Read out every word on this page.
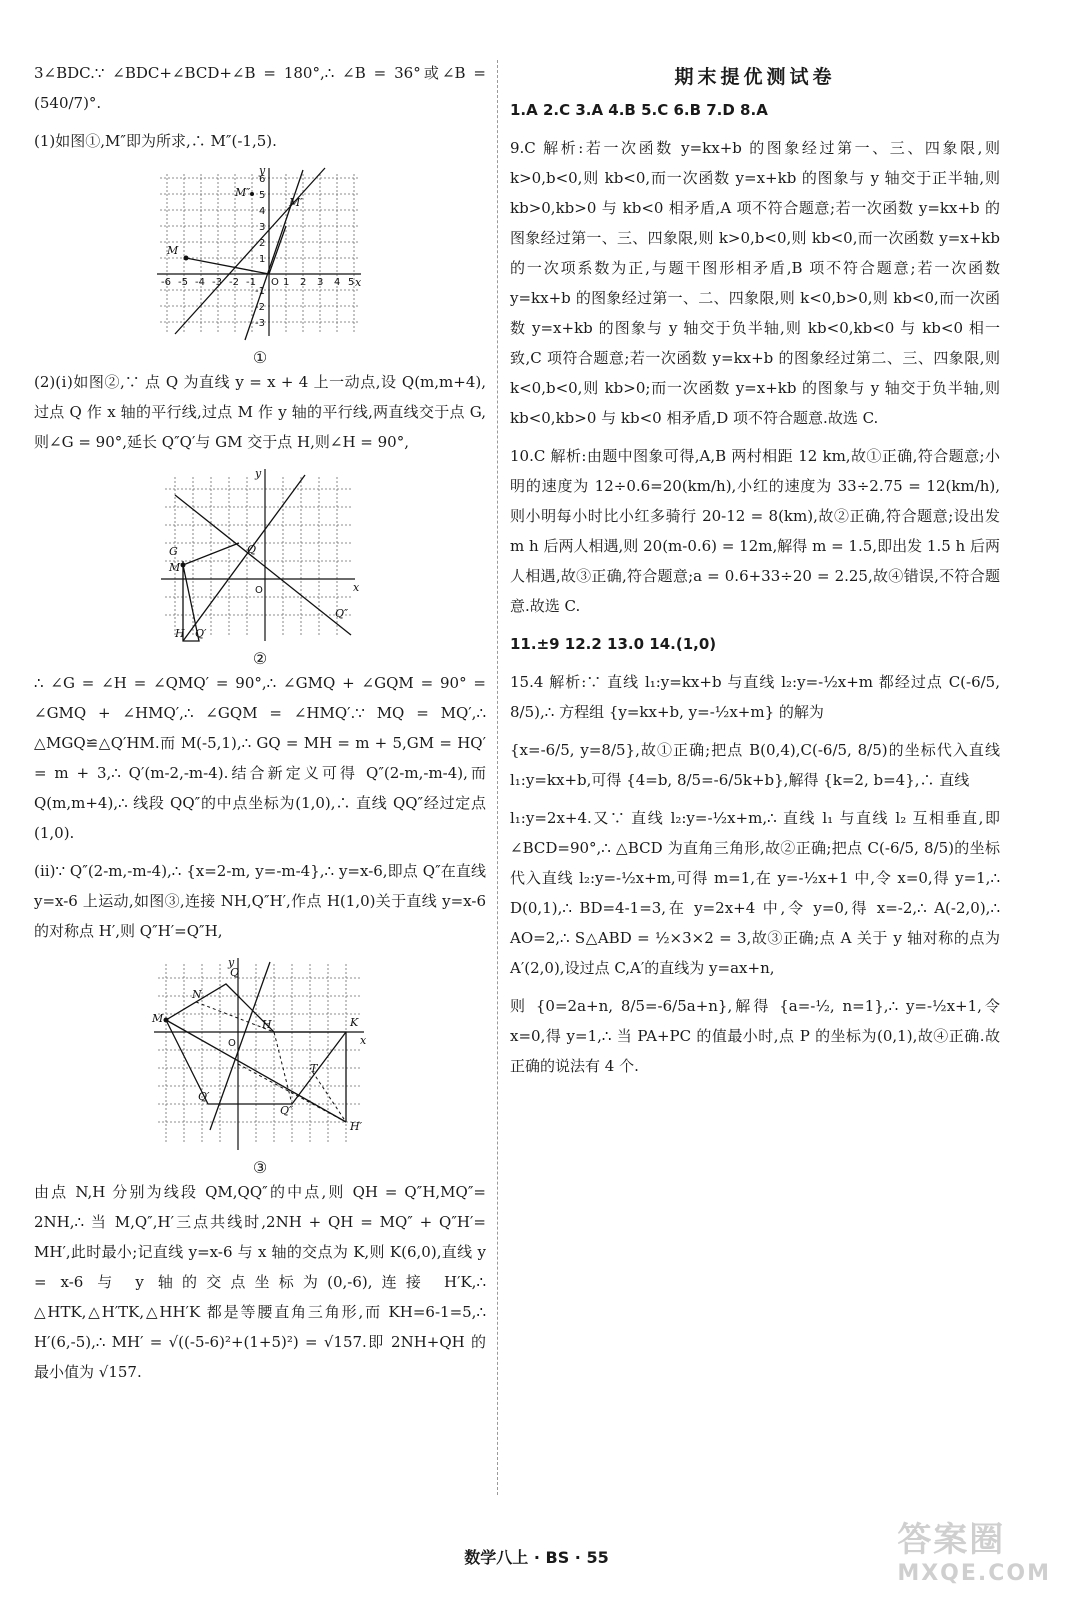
3∠BDC.∵ ∠BDC+∠BCD+∠B = 180°,∴ ∠B = 36°或∠B = (540/7)°.

(1)如图①,M″即为所求,∴ M″(-1,5).

M
M″
M′
x
y
O
-6 -5 -4 -3 -2 -1	1 2 3 4 5
6
5
4
3
2
1
-1
-2
-3
①

(2)(ⅰ)如图②,∵ 点 Q 为直线 y = x + 4 上一动点,设 Q(m,m+4),过点 Q 作 x 轴的平行线,过点 M 作 y 轴的平行线,两直线交于点 G,则∠G = 90°,延长 Q″Q′与 GM 交于点 H,则∠H = 90°,

G
M
Q
Q″
H Q′
x
y
O
②

∴ ∠G = ∠H = ∠QMQ′ = 90°,∴ ∠GMQ + ∠GQM = 90° = ∠GMQ + ∠HMQ′,∴ ∠GQM = ∠HMQ′.∵ MQ = MQ′,∴ △MGQ≌△Q′HM.而 M(-5,1),∴ GQ = MH = m + 5,GM = HQ′ = m + 3,∴ Q′(m-2,-m-4).结合新定义可得 Q″(2-m,-m-4),而 Q(m,m+4),∴ 线段 QQ″的中点坐标为(1,0),∴ 直线 QQ″经过定点(1,0).

(ⅱ)∵ Q″(2-m,-m-4),∴ {x=2-m, y=-m-4},∴ y=x-6,即点 Q″在直线 y=x-6 上运动,如图③,连接 NH,Q″H′,作点 H(1,0)关于直线 y=x-6 的对称点 H′,则 Q″H′=Q″H,

Q
N
M	H	K
T
Q′
Q″
H′
x
y
O
③

由点 N,H 分别为线段 QM,QQ″的中点,则 QH = Q″H,MQ″= 2NH,∴ 当 M,Q″,H′三点共线时,2NH + QH = MQ″ + Q″H′= MH′,此时最小;记直线 y=x-6 与 x 轴的交点为 K,则 K(6,0),直线 y = x-6 与 y 轴的交点坐标为(0,-6),连接 H′K,∴ △HTK,△H′TK,△HH′K 都是等腰直角三角形,而 KH=6-1=5,∴ H′(6,-5),∴ MH′ = √((-5-6)²+(1+5)²) = √157.即 2NH+QH 的最小值为 √157.

期末提优测试卷

1.A 2.C 3.A 4.B 5.C 6.B 7.D 8.A

9.C 解析:若一次函数 y=kx+b 的图象经过第一、三、四象限,则 k>0,b<0,则 kb<0,而一次函数 y=x+kb 的图象与 y 轴交于正半轴,则 kb>0,kb>0 与 kb<0 相矛盾,A 项不符合题意;若一次函数 y=kx+b 的图象经过第一、三、四象限,则 k>0,b<0,则 kb<0,而一次函数 y=x+kb 的一次项系数为正,与题干图形相矛盾,B 项不符合题意;若一次函数 y=kx+b 的图象经过第一、二、四象限,则 k<0,b>0,则 kb<0,而一次函数 y=x+kb 的图象与 y 轴交于负半轴,则 kb<0,kb<0 与 kb<0 相一致,C 项符合题意;若一次函数 y=kx+b 的图象经过第二、三、四象限,则 k<0,b<0,则 kb>0;而一次函数 y=x+kb 的图象与 y 轴交于负半轴,则 kb<0,kb>0 与 kb<0 相矛盾,D 项不符合题意.故选 C.

10.C 解析:由题中图象可得,A,B 两村相距 12 km,故①正确,符合题意;小明的速度为 12÷0.6=20(km/h),小红的速度为 33÷2.75 = 12(km/h),则小明每小时比小红多骑行 20-12 = 8(km),故②正确,符合题意;设出发 m h 后两人相遇,则 20(m-0.6) = 12m,解得 m = 1.5,即出发 1.5 h 后两人相遇,故③正确,符合题意;a = 0.6+33÷20 = 2.25,故④错误,不符合题意.故选 C.

11.±9 12.2 13.0 14.(1,0)

15.4 解析:∵ 直线 l₁:y=kx+b 与直线 l₂:y=-½x+m 都经过点 C(-6/5, 8/5),∴ 方程组 {y=kx+b, y=-½x+m} 的解为

{x=-6/5, y=8/5},故①正确;把点 B(0,4),C(-6/5, 8/5)的坐标代入直线 l₁:y=kx+b,可得 {4=b, 8/5=-6/5k+b},解得 {k=2, b=4},∴ 直线

l₁:y=2x+4.又∵ 直线 l₂:y=-½x+m,∴ 直线 l₁ 与直线 l₂ 互相垂直,即∠BCD=90°,∴ △BCD 为直角三角形,故②正确;把点 C(-6/5, 8/5)的坐标代入直线 l₂:y=-½x+m,可得 m=1,在 y=-½x+1 中,令 x=0,得 y=1,∴ D(0,1),∴ BD=4-1=3,在 y=2x+4 中,令 y=0,得 x=-2,∴ A(-2,0),∴ AO=2,∴ S△ABD = ½×3×2 = 3,故③正确;点 A 关于 y 轴对称的点为 A′(2,0),设过点 C,A′的直线为 y=ax+n,

则 {0=2a+n, 8/5=-6/5a+n},解得 {a=-½, n=1},∴ y=-½x+1,令 x=0,得 y=1,∴ 当 PA+PC 的值最小时,点 P 的坐标为(0,1),故④正确.故正确的说法有 4 个.

数学八上 · BS · 55	答案圈
MXQE.COM
